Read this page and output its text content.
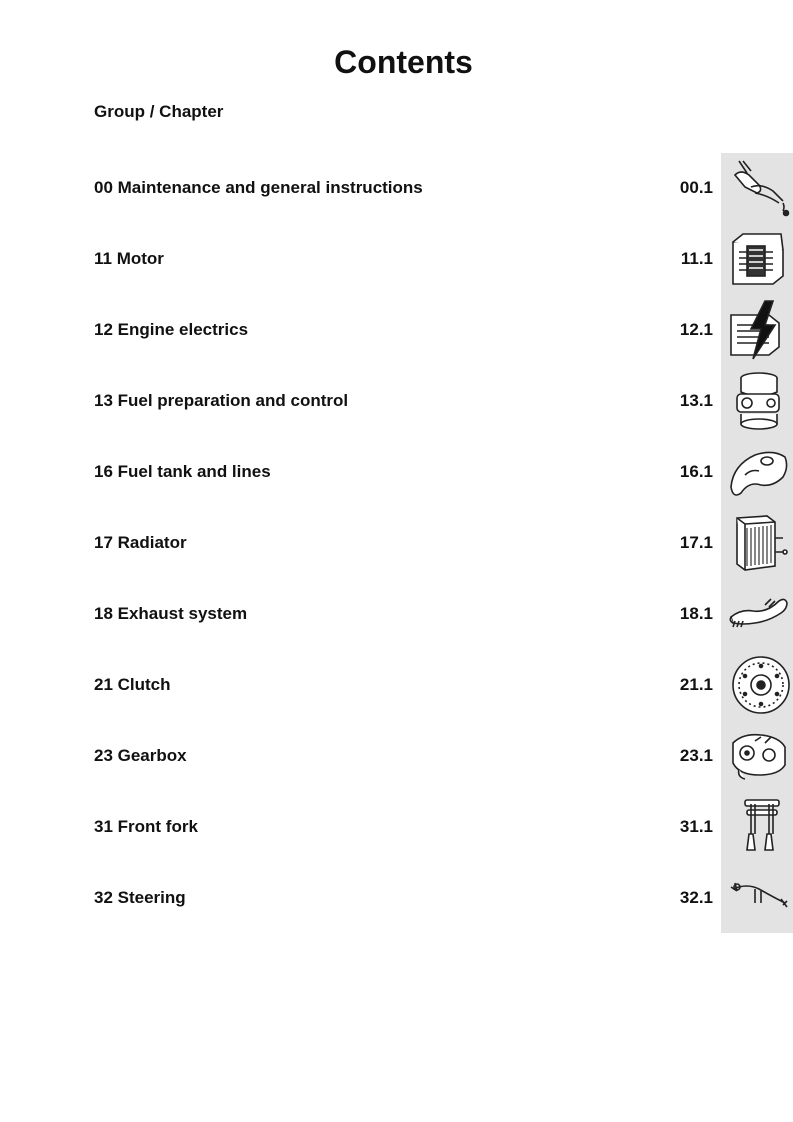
Contents
Group / Chapter
00 Maintenance and general instructions	00.1
11 Motor	11.1
12 Engine electrics	12.1
13 Fuel preparation and control	13.1
16 Fuel tank and lines	16.1
17 Radiator	17.1
18 Exhaust system	18.1
21 Clutch	21.1
23 Gearbox	23.1
31 Front fork	31.1
32 Steering	32.1
